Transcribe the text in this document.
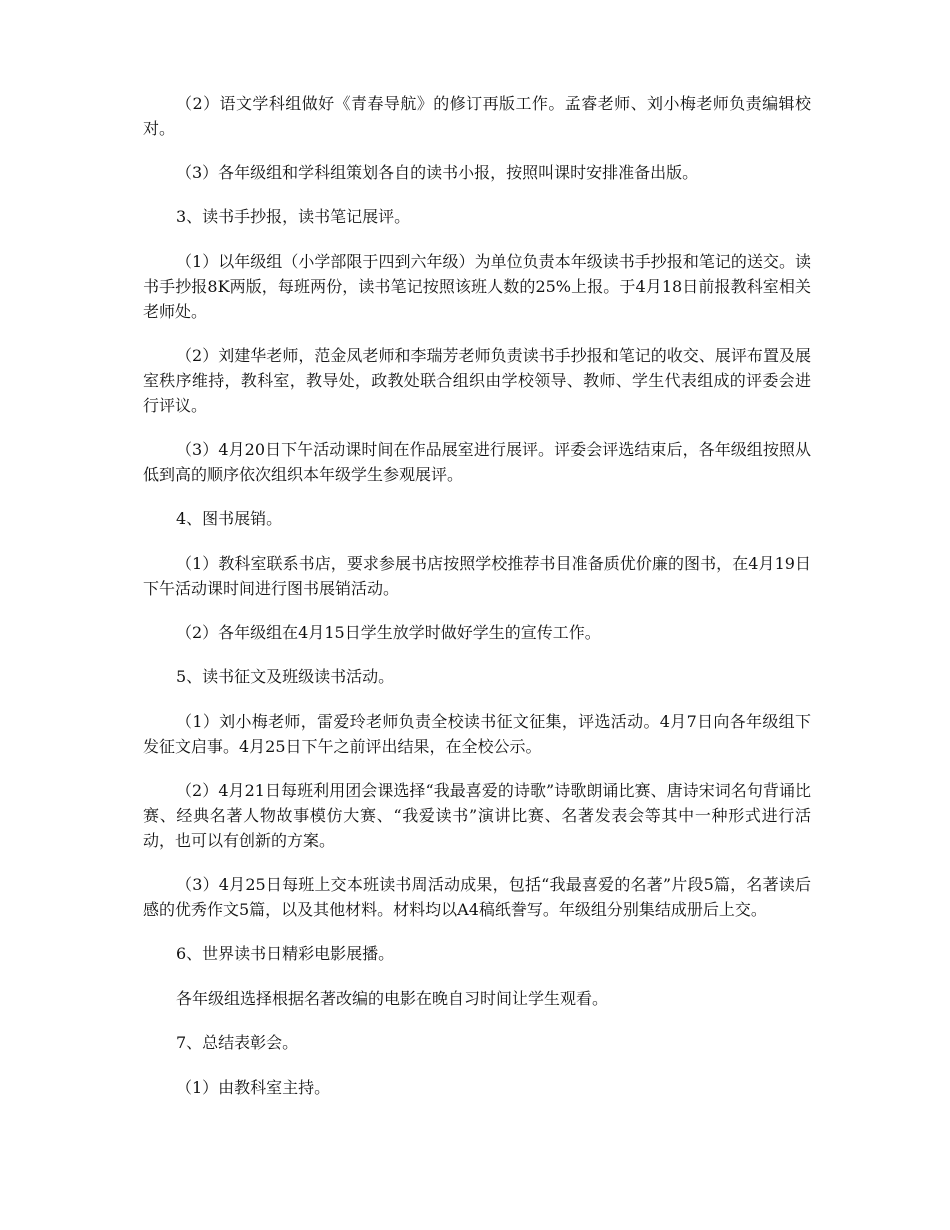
（2）语文学科组做好《青春导航》的修订再版工作。孟睿老师、刘小梅老师负责编辑校对。

（3）各年级组和学科组策划各自的读书小报，按照叫课时安排准备出版。

3、读书手抄报，读书笔记展评。

（1）以年级组（小学部限于四到六年级）为单位负责本年级读书手抄报和笔记的送交。读书手抄报8K两版，每班两份，读书笔记按照该班人数的25%上报。于4月18日前报教科室相关老师处。

（2）刘建华老师，范金凤老师和李瑞芳老师负责读书手抄报和笔记的收交、展评布置及展室秩序维持，教科室，教导处，政教处联合组织由学校领导、教师、学生代表组成的评委会进行评议。

（3）4月20日下午活动课时间在作品展室进行展评。评委会评选结束后，各年级组按照从低到高的顺序依次组织本年级学生参观展评。

4、图书展销。

（1）教科室联系书店，要求参展书店按照学校推荐书目准备质优价廉的图书，在4月19日下午活动课时间进行图书展销活动。

（2）各年级组在4月15日学生放学时做好学生的宣传工作。

5、读书征文及班级读书活动。

（1）刘小梅老师，雷爱玲老师负责全校读书征文征集，评选活动。4月7日向各年级组下发征文启事。4月25日下午之前评出结果，在全校公示。

（2）4月21日每班利用团会课选择“我最喜爱的诗歌”诗歌朗诵比赛、唐诗宋词名句背诵比赛、经典名著人物故事模仿大赛、“我爱读书”演讲比赛、名著发表会等其中一种形式进行活动，也可以有创新的方案。

（3）4月25日每班上交本班读书周活动成果，包括“我最喜爱的名著”片段5篇，名著读后感的优秀作文5篇，以及其他材料。材料均以A4稿纸誊写。年级组分别集结成册后上交。

6、世界读书日精彩电影展播。

各年级组选择根据名著改编的电影在晚自习时间让学生观看。

7、总结表彰会。

（1）由教科室主持。
